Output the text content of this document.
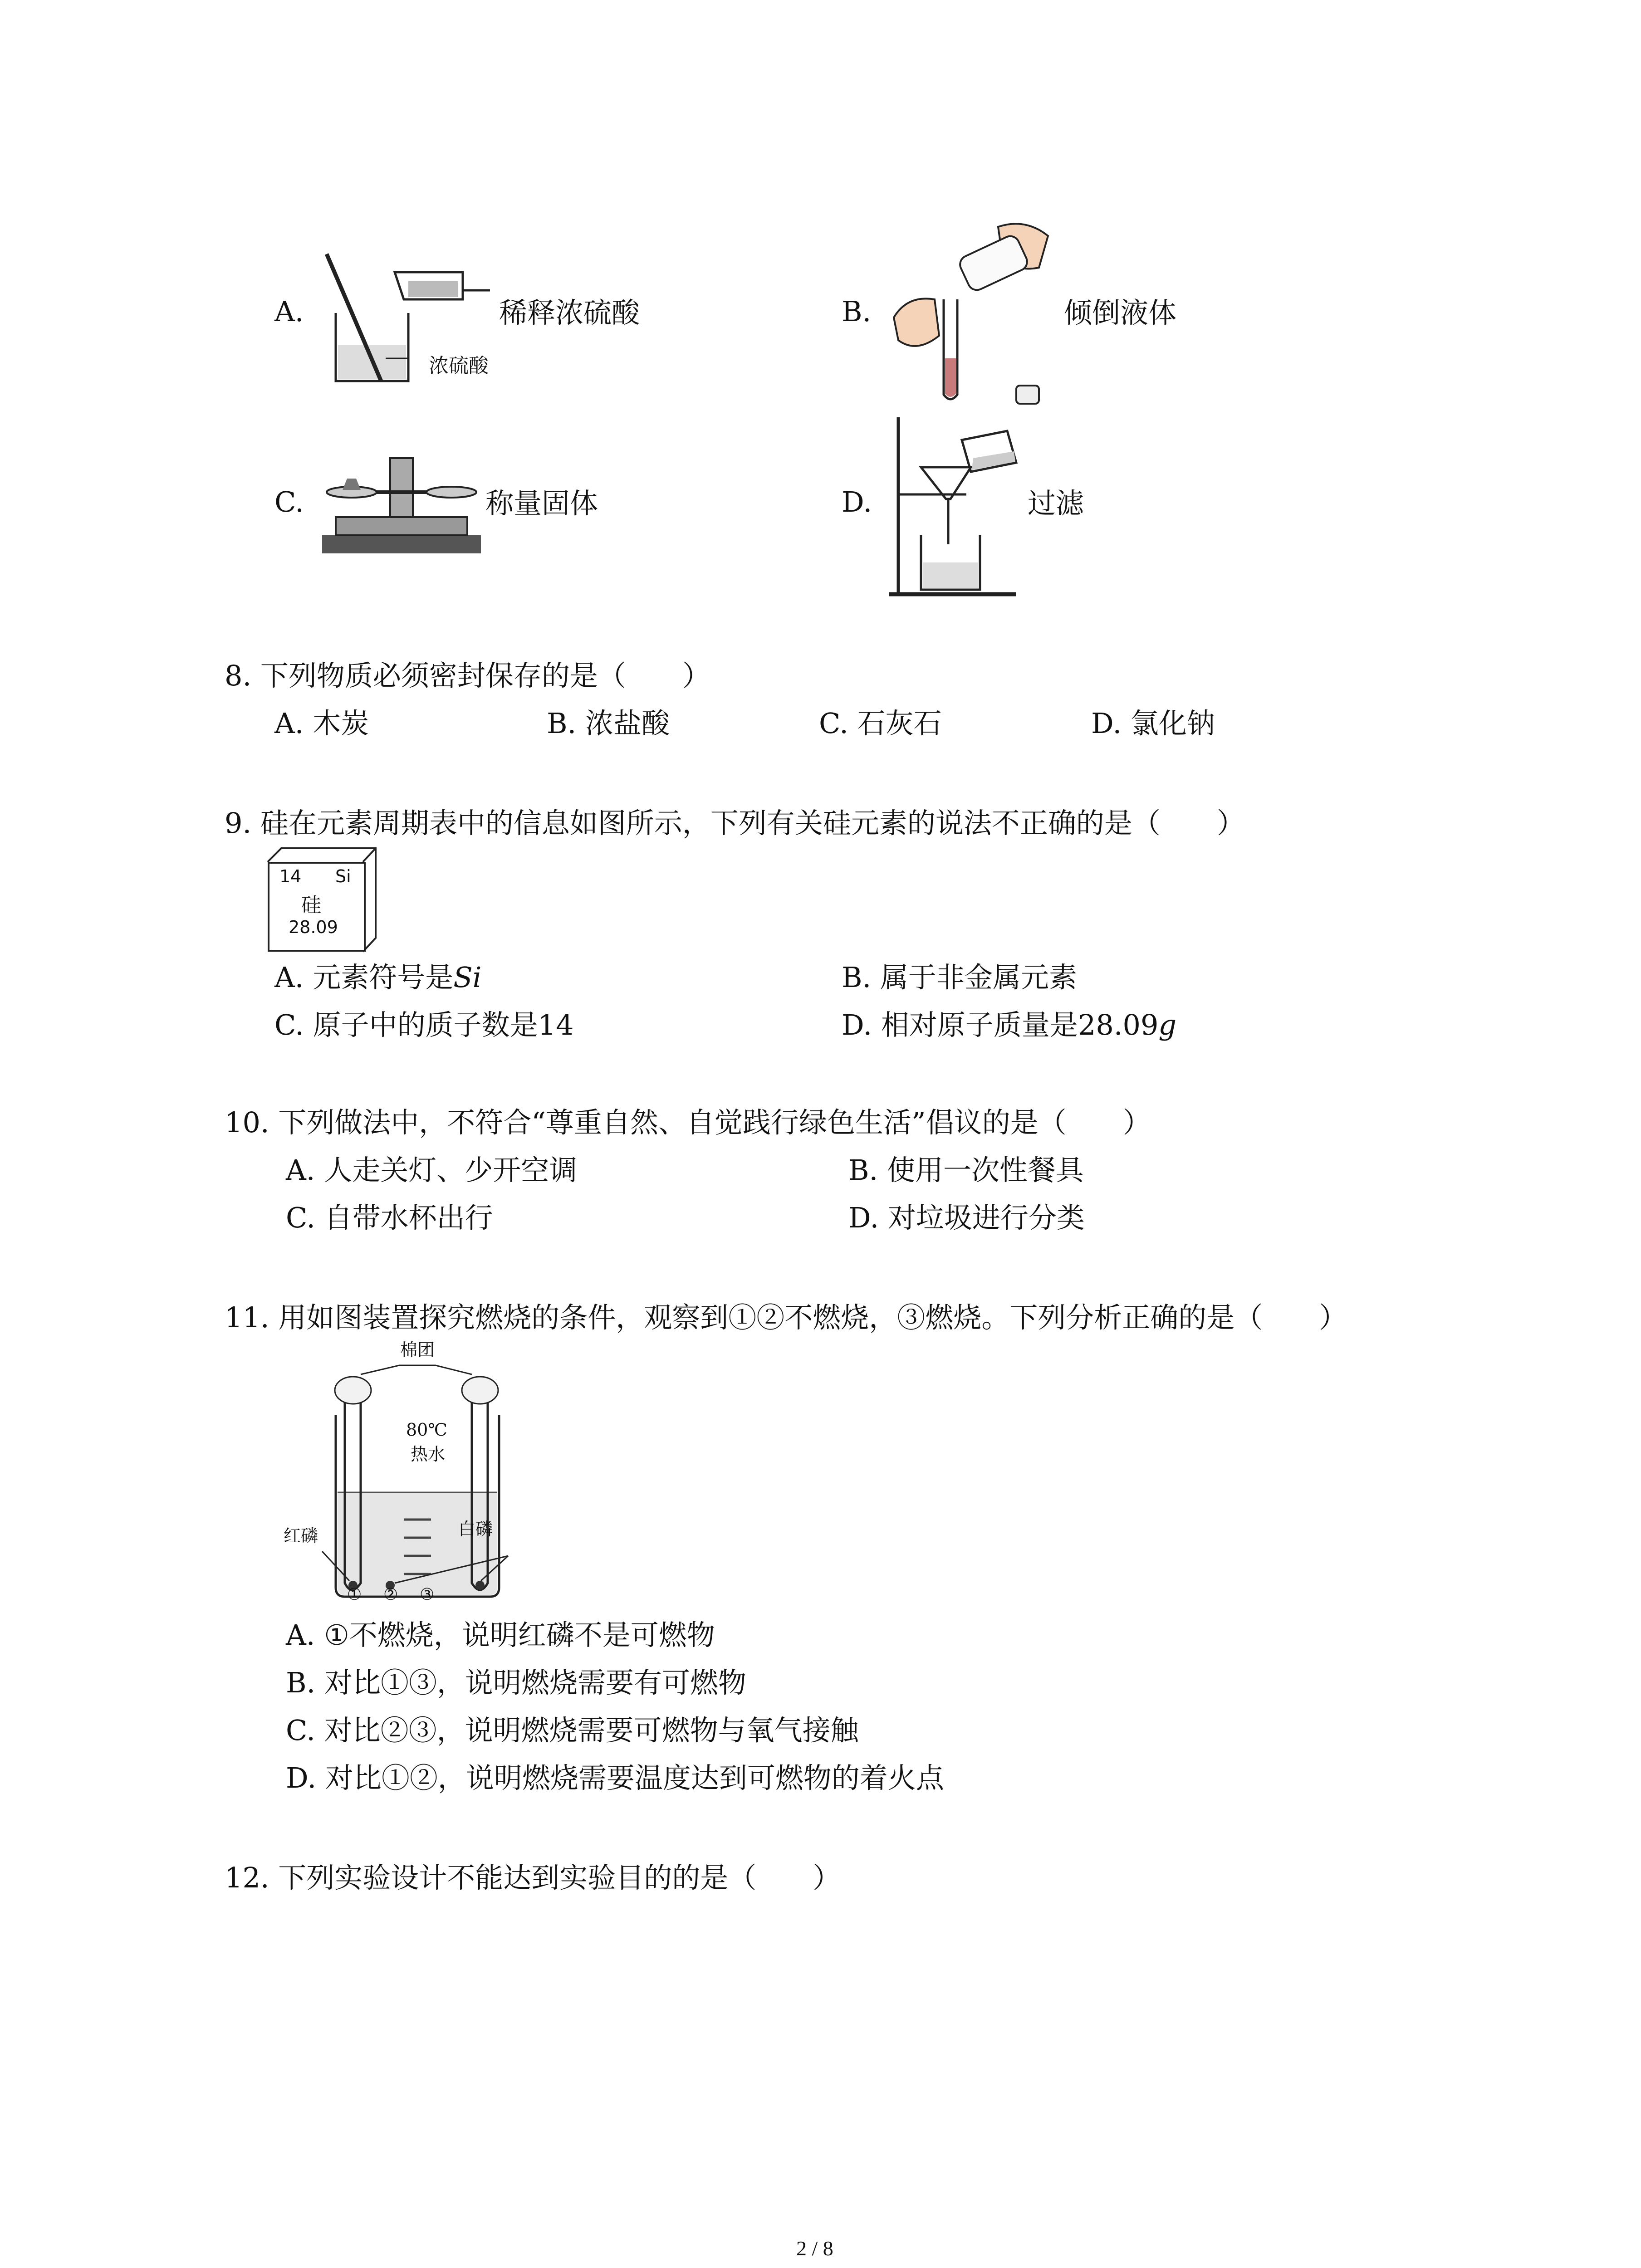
A.
浓硫酸
稀释浓硫酸	B.	倾倒液体
C.	称量固体	D.	过滤
8. 下列物质必须密封保存的是（　　）
A. 木炭	B. 浓盐酸	C. 石灰石	D. 氯化钠
9. 硅在元素周期表中的信息如图所示，下列有关硅元素的说法不正确的是（　　）
14 Si
硅
28.09
A. 元素符号是Si	B. 属于非金属元素
C. 原子中的质子数是14	D. 相对原子质量是28.09g
10. 下列做法中，不符合“尊重自然、自觉践行绿色生活”倡议的是（　　）
A. 人走关灯、少开空调	B. 使用一次性餐具
C. 自带水杯出行	D. 对垃圾进行分类
11. 用如图装置探究燃烧的条件，观察到①②不燃烧，③燃烧。下列分析正确的是（　　）
棉团
80℃
热水
红磷	白磷
① ② ③
A. ①不燃烧，说明红磷不是可燃物
B. 对比①③，说明燃烧需要有可燃物
C. 对比②③，说明燃烧需要可燃物与氧气接触
D. 对比①②，说明燃烧需要温度达到可燃物的着火点
12. 下列实验设计不能达到实验目的的是（　　）
2 / 8
